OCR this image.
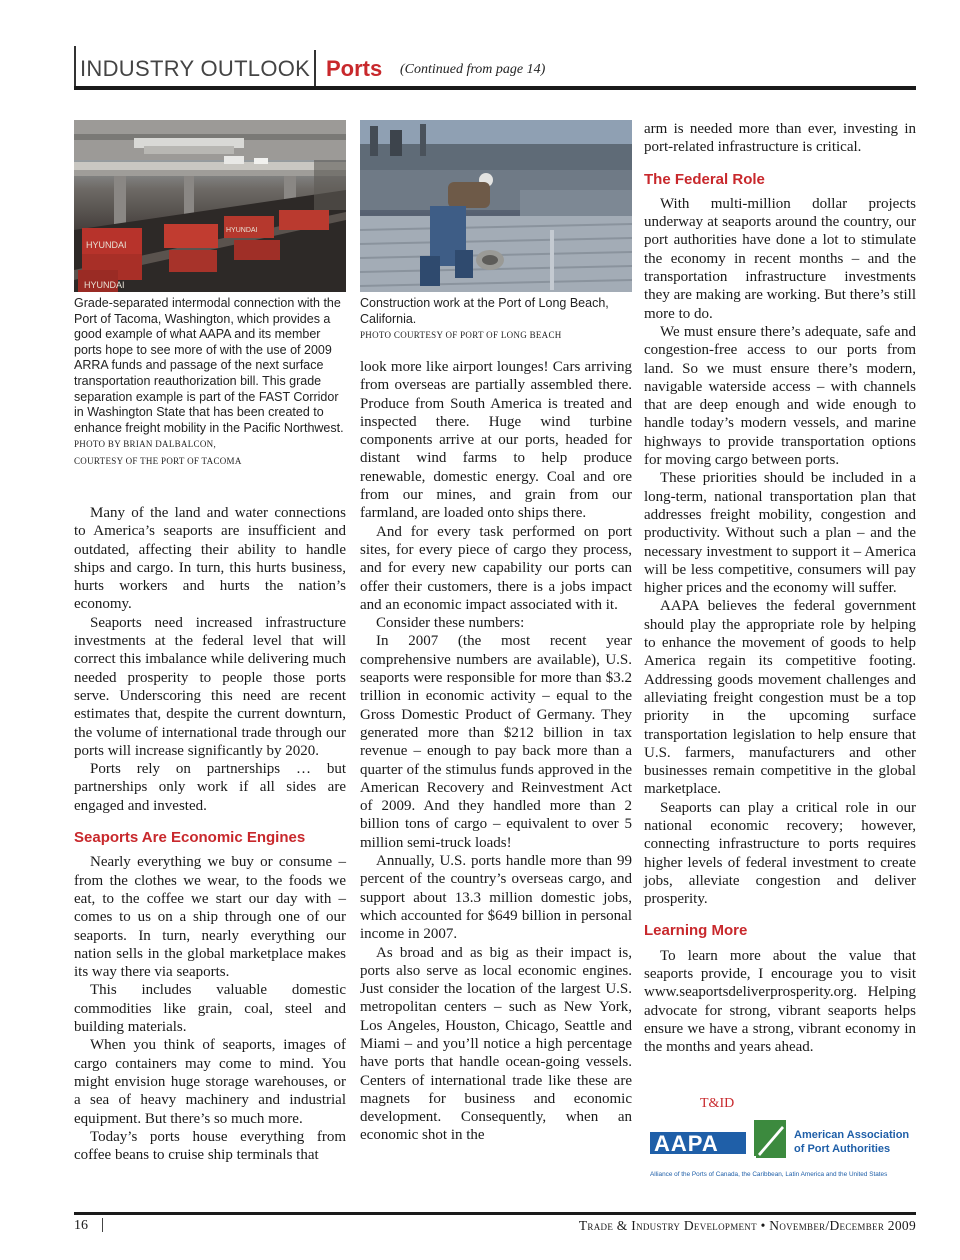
INDUSTRY OUTLOOK Ports (Continued from page 14)
HYUNDAI
HYUNDAI
HYUNDAI
Grade-separated intermodal connection with the Port of Tacoma, Washington, which provides a good example of what AAPA and its member ports hope to see more of with the use of 2009 ARRA funds and passage of the next surface transportation reauthorization bill. This grade separation example is part of the FAST Corridor in Washington State that has been created to enhance freight mobility in the Pacific Northwest. PHOTO BY BRIAN DALBALCON,
COURTESY OF THE PORT OF TACOMA
Construction work at the Port of Long Beach, California.
PHOTO COURTESY OF PORT OF LONG BEACH

Many of the land and water connections to America’s seaports are insufficient and outdated, affecting their ability to handle ships and cargo. In turn, this hurts business, hurts workers and hurts the nation’s economy.

Seaports need increased infrastructure investments at the federal level that will correct this imbalance while delivering much needed prosperity to people those ports serve. Underscoring this need are recent estimates that, despite the current downturn, the volume of international trade through our ports will increase significantly by 2020.

Ports rely on partnerships … but partnerships only work if all sides are engaged and invested.

Seaports Are Economic Engines

Nearly everything we buy or consume – from the clothes we wear, to the foods we eat, to the coffee we start our day with – comes to us on a ship through one of our seaports. In turn, nearly everything our nation sells in the global marketplace makes its way there via seaports.

This includes valuable domestic commodities like grain, coal, steel and building materials.

When you think of seaports, images of cargo containers may come to mind. You might envision huge storage warehouses, or a sea of heavy machinery and industrial equipment. But there’s so much more.

Today’s ports house everything from coffee beans to cruise ship terminals that

look more like airport lounges! Cars arriving from overseas are partially assembled there. Produce from South America is treated and inspected there. Huge wind turbine components arrive at our ports, headed for distant wind farms to help produce renewable, domestic energy. Coal and ore from our mines, and grain from our farmland, are loaded onto ships there.

And for every task performed on port sites, for every piece of cargo they process, and for every new capability our ports can offer their customers, there is a jobs impact and an economic impact associated with it.

Consider these numbers:

In 2007 (the most recent year comprehensive numbers are available), U.S. seaports were responsible for more than $3.2 trillion in economic activity – equal to the Gross Domestic Product of Germany. They generated more than $212 billion in tax revenue – enough to pay back more than a quarter of the stimulus funds approved in the American Recovery and Reinvestment Act of 2009. And they handled more than 2 billion tons of cargo – equivalent to over 5 million semi-truck loads!

Annually, U.S. ports handle more than 99 percent of the country’s overseas cargo, and support about 13.3 million domestic jobs, which accounted for $649 billion in personal income in 2007.

As broad and as big as their impact is, ports also serve as local economic engines. Just consider the location of the largest U.S. metropolitan centers – such as New York, Los Angeles, Houston, Chicago, Seattle and Miami – and you’ll notice a high percentage have ports that handle ocean-going vessels. Centers of international trade like these are magnets for business and economic development. Consequently, when an economic shot in the

arm is needed more than ever, investing in port-related infrastructure is critical.

The Federal Role

With multi-million dollar projects underway at seaports around the country, our port authorities have done a lot to stimulate the economy in recent months – and the transportation infrastructure investments they are making are working. But there’s still more to do.

We must ensure there’s adequate, safe and congestion-free access to our ports from land. So we must ensure there’s modern, navigable waterside access – with channels that are deep enough and wide enough to handle today’s modern vessels, and marine highways to provide transportation options for moving cargo between ports.

These priorities should be included in a long-term, national transportation plan that addresses freight mobility, congestion and productivity. Without such a plan – and the necessary investment to support it – America will be less competitive, consumers will pay higher prices and the economy will suffer.

AAPA believes the federal government should play the appropriate role by helping to enhance the movement of goods to help America regain its competitive footing. Addressing goods movement challenges and alleviating freight congestion must be a top priority in the upcoming surface transportation legislation to help ensure that U.S. farmers, manufacturers and other businesses remain competitive in the global marketplace.

Seaports can play a critical role in our national economic recovery; however, connecting infrastructure to ports requires higher levels of federal investment to create jobs, alleviate congestion and deliver prosperity.

Learning More

To learn more about the value that seaports provide, I encourage you to visit www.seaportsdeliverprosperity.org. Helping advocate for strong, vibrant seaports helps ensure we have a strong, vibrant economy in the months and years ahead.

T&ID
AAPA	American Association
of Port Authorities
Alliance of the Ports of Canada, the Caribbean, Latin America and the United States
16	Trade & Industry Development • November/December 2009
